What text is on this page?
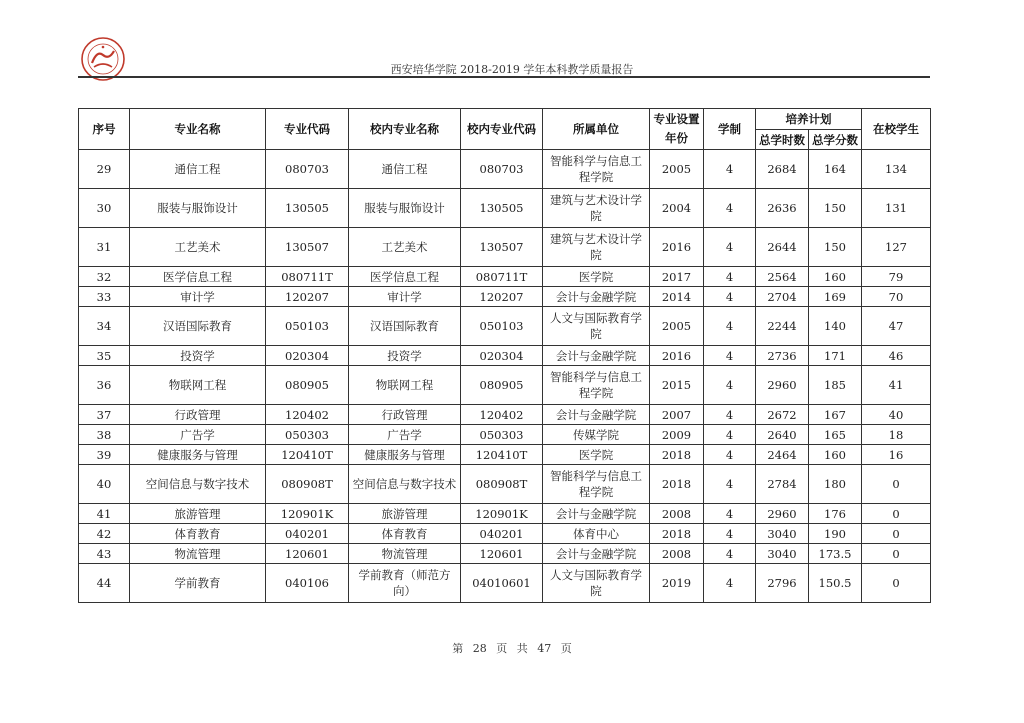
西安培华学院 2018-2019 学年本科教学质量报告
序号	专业名称	专业代码	校内专业名称	校内专业代码	所属单位	专业设置年份	学制	培养计划		在校学生
								总学时数	总学分数	
29	通信工程	080703	通信工程	080703	智能科学与信息工程学院	2005	4	2684	164	134
30	服装与服饰设计	130505	服装与服饰设计	130505	建筑与艺术设计学院	2004	4	2636	150	131
31	工艺美术	130507	工艺美术	130507	建筑与艺术设计学院	2016	4	2644	150	127
32	医学信息工程	080711T	医学信息工程	080711T	医学院	2017	4	2564	160	79
33	审计学	120207	审计学	120207	会计与金融学院	2014	4	2704	169	70
34	汉语国际教育	050103	汉语国际教育	050103	人文与国际教育学院	2005	4	2244	140	47
35	投资学	020304	投资学	020304	会计与金融学院	2016	4	2736	171	46
36	物联网工程	080905	物联网工程	080905	智能科学与信息工程学院	2015	4	2960	185	41
37	行政管理	120402	行政管理	120402	会计与金融学院	2007	4	2672	167	40
38	广告学	050303	广告学	050303	传媒学院	2009	4	2640	165	18
39	健康服务与管理	120410T	健康服务与管理	120410T	医学院	2018	4	2464	160	16
40	空间信息与数字技术	080908T	空间信息与数字技术	080908T	智能科学与信息工程学院	2018	4	2784	180	0
41	旅游管理	120901K	旅游管理	120901K	会计与金融学院	2008	4	2960	176	0
42	体育教育	040201	体育教育	040201	体育中心	2018	4	3040	190	0
43	物流管理	120601	物流管理	120601	会计与金融学院	2008	4	3040	173.5	0
44	学前教育	040106	学前教育（师范方向）	04010601	人文与国际教育学院	2019	4	2796	150.5	0
第 28 页 共 47 页
